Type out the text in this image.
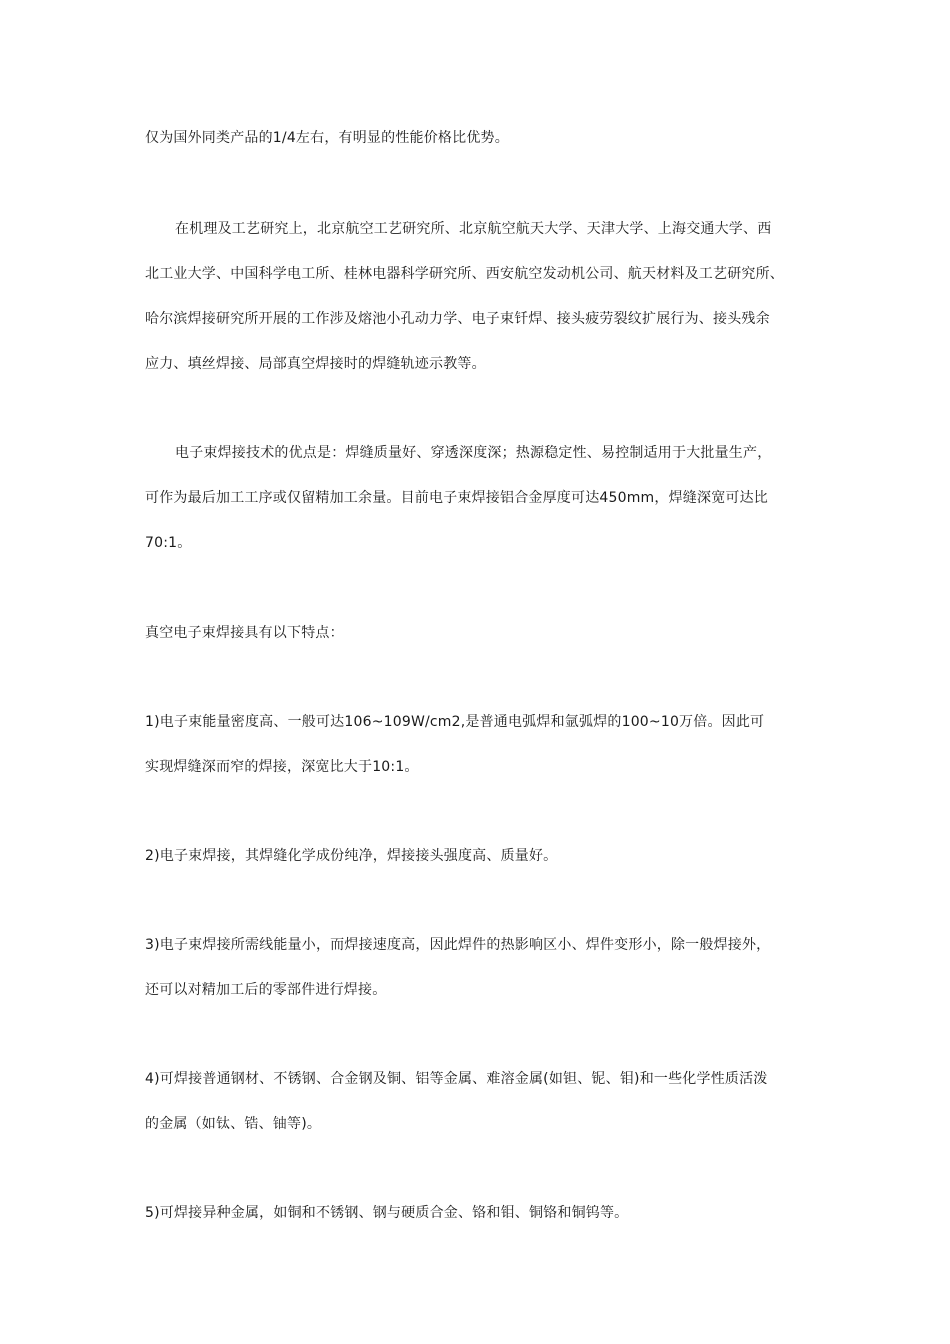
仅为国外同类产品的1/4左右，有明显的性能价格比优势。
在机理及工艺研究上，北京航空工艺研究所、北京航空航天大学、天津大学、上海交通大学、西
北工业大学、中国科学电工所、桂林电器科学研究所、西安航空发动机公司、航天材料及工艺研究所、
哈尔滨焊接研究所开展的工作涉及熔池小孔动力学、电子束钎焊、接头疲劳裂纹扩展行为、接头残余
应力、填丝焊接、局部真空焊接时的焊缝轨迹示教等。
电子束焊接技术的优点是：焊缝质量好、穿透深度深；热源稳定性、易控制适用于大批量生产，
可作为最后加工工序或仅留精加工余量。目前电子束焊接铝合金厚度可达450mm，焊缝深宽可达比
70:1。
真空电子束焊接具有以下特点：
1)电子束能量密度高、一般可达106~109W/cm2,是普通电弧焊和氩弧焊的100~10万倍。因此可
实现焊缝深而窄的焊接，深宽比大于10:1。
2)电子束焊接，其焊缝化学成份纯净，焊接接头强度高、质量好。
3)电子束焊接所需线能量小，而焊接速度高，因此焊件的热影响区小、焊件变形小，除一般焊接外，
还可以对精加工后的零部件进行焊接。
4)可焊接普通钢材、不锈钢、合金钢及铜、铝等金属、难溶金属(如钽、铌、钼)和一些化学性质活泼
的金属（如钛、锆、铀等)。
5)可焊接异种金属，如铜和不锈钢、钢与硬质合金、铬和钼、铜铬和铜钨等。
